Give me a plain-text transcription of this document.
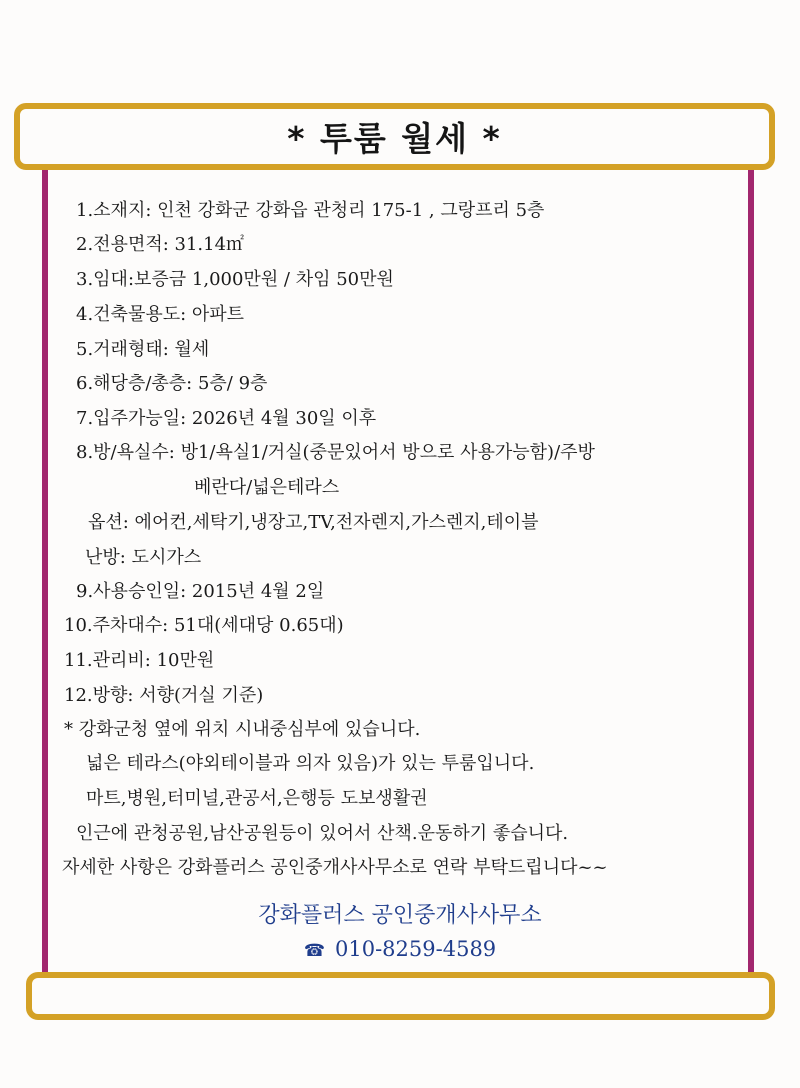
* 투룸 월세 *
1.소재지: 인천 강화군 강화읍 관청리 175-1 , 그랑프리 5층
2.전용면적: 31.14㎡
3.임대:보증금 1,000만원 / 차임 50만원
4.건축물용도: 아파트
5.거래형태: 월세
6.해당층/총층: 5층/ 9층
7.입주가능일: 2026년 4월 30일 이후
8.방/욕실수: 방1/욕실1/거실(중문있어서 방으로 사용가능함)/주방
베란다/넓은테라스
옵션: 에어컨,세탁기,냉장고,TV,전자렌지,가스렌지,테이블
난방: 도시가스
9.사용승인일: 2015년 4월 2일
10.주차대수: 51대(세대당 0.65대)
11.관리비: 10만원
12.방향: 서향(거실 기준)
* 강화군청 옆에 위치 시내중심부에 있습니다.
넓은 테라스(야외테이블과 의자 있음)가 있는 투룸입니다.
마트,병원,터미널,관공서,은행등 도보생활권
인근에 관청공원,남산공원등이 있어서 산책.운동하기 좋습니다.
자세한 사항은 강화플러스 공인중개사사무소로 연락 부탁드립니다~~
강화플러스 공인중개사사무소
☎ 010-8259-4589
